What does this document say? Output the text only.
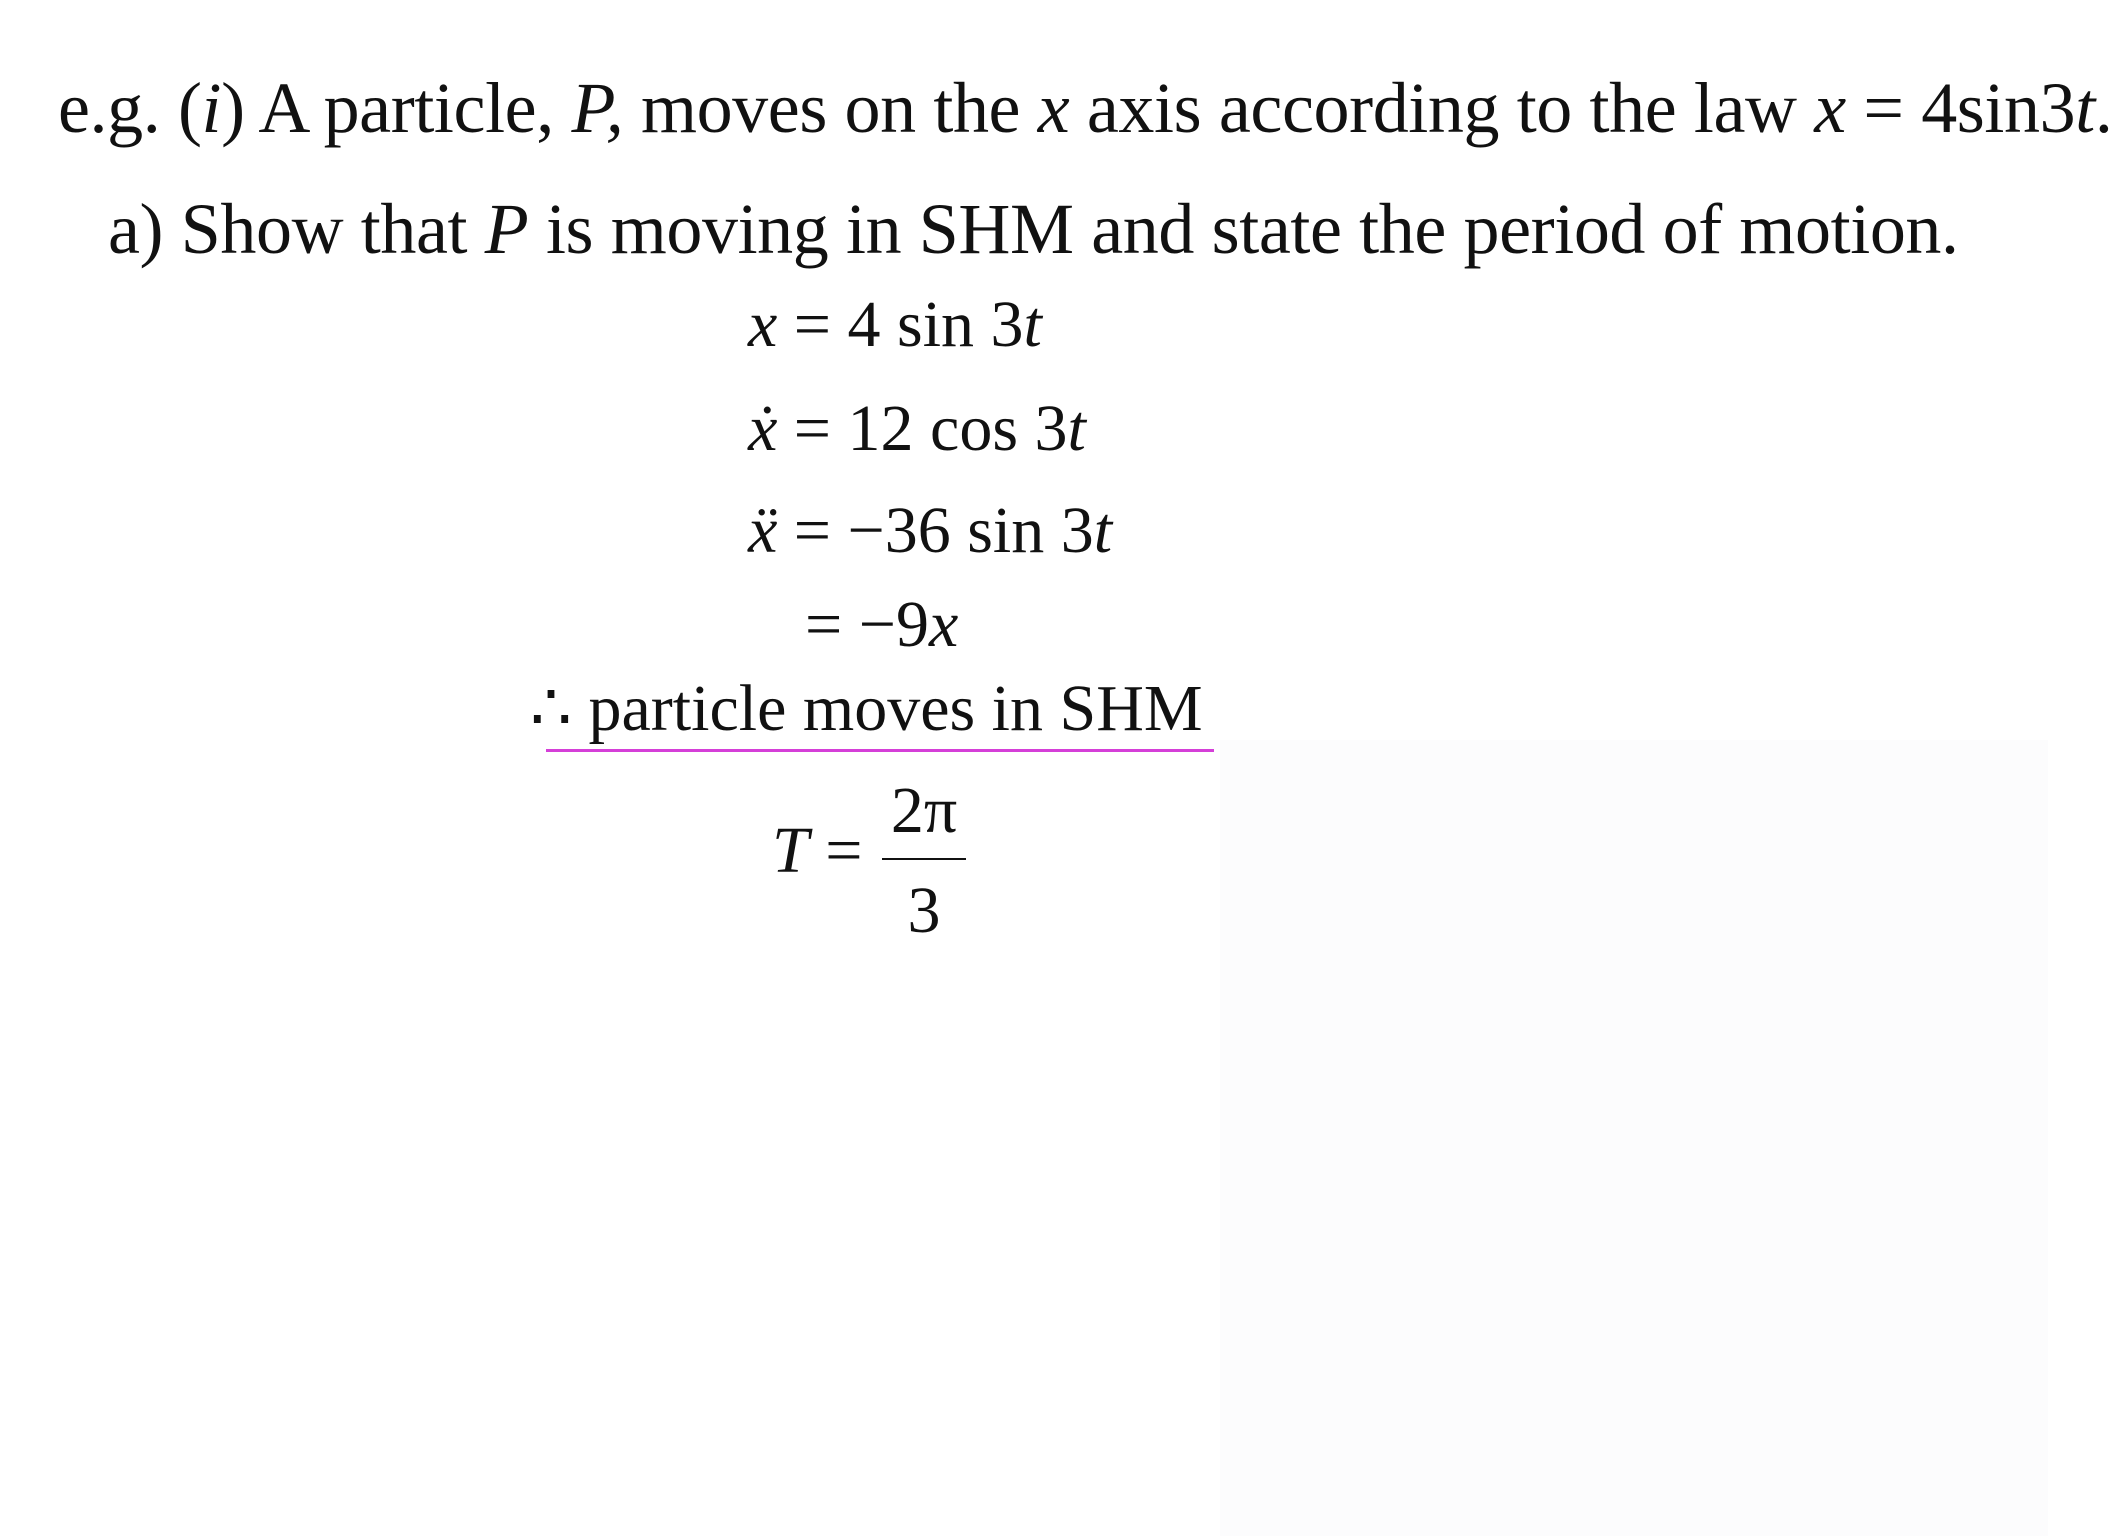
e.g. (i) A particle, P, moves on the x axis according to the law x = 4sin3t.
a) Show that P is moving in SHM and state the period of motion.
x = 4 sin 3t
ẋ = 12 cos 3t
ẍ = −36 sin 3t
= −9x
∴ particle moves in SHM
T =
2π
3
